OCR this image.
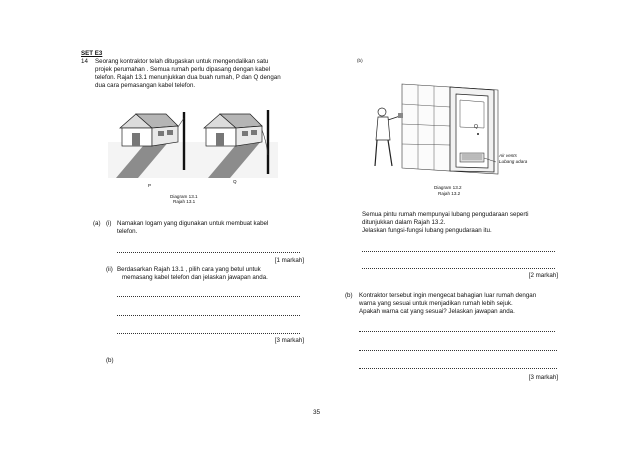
SET E3
14 Seorang kontraktor telah ditugaskan untuk mengendalikan satu
projek perumahan . Semua rumah perlu dipasang dengan kabel
telefon. Rajah 13.1 menunjukkan dua buah rumah, P dan Q dengan
dua cara pemasangan kabel telefon.
P
Q
Diagram 13.1
Rajah 13.1
(a) (i) Namakan logam yang digunakan untuk membuat kabel
telefon.
[1 markah]
(ii) Berdasarkan Rajah 13.1 , pilih cara yang betul untuk
memasang kabel telefon dan jelaskan jawapan anda.
[3 markah]
(b)
(b)
Q
Air vents
Lubang udara
Diagram 13.2
Rajah 13.2
Semua pintu rumah mempunyai lubang pengudaraan seperti
ditunjukkan dalam Rajah 13.2.
Jelaskan fungsi-fungsi lubang pengudaraan itu.
[2 markah]
(b) Kontraktor tersebut ingin mengecat bahagian luar rumah dengan
warna yang sesuai untuk menjadikan rumah lebih sejuk.
Apakah warna cat yang sesuai? Jelaskan jawapan anda.
[3 markah]
35
